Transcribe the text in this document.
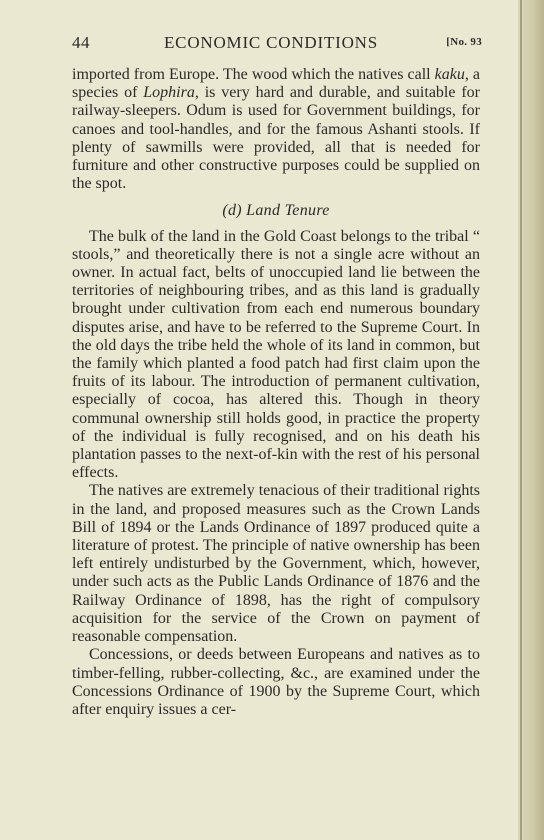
44	ECONOMIC CONDITIONS	[No. 93

imported from Europe. The wood which the natives call kaku, a species of Lophira, is very hard and durable, and suitable for railway-sleepers. Odum is used for Government buildings, for canoes and tool-handles, and for the famous Ashanti stools. If plenty of sawmills were provided, all that is needed for furniture and other constructive purposes could be supplied on the spot.

(d) Land Tenure

The bulk of the land in the Gold Coast belongs to the tribal “ stools,” and theoretically there is not a single acre without an owner. In actual fact, belts of unoccupied land lie between the territories of neighbouring tribes, and as this land is gradually brought under cultivation from each end numerous boundary disputes arise, and have to be referred to the Supreme Court. In the old days the tribe held the whole of its land in common, but the family which planted a food patch had first claim upon the fruits of its labour. The introduction of permanent cultivation, especially of cocoa, has altered this. Though in theory communal ownership still holds good, in practice the property of the individual is fully recognised, and on his death his plantation passes to the next-of-kin with the rest of his personal effects.

The natives are extremely tenacious of their traditional rights in the land, and proposed measures such as the Crown Lands Bill of 1894 or the Lands Ordinance of 1897 produced quite a literature of protest. The principle of native ownership has been left entirely undisturbed by the Government, which, however, under such acts as the Public Lands Ordinance of 1876 and the Railway Ordinance of 1898, has the right of compulsory acquisition for the service of the Crown on payment of reasonable compensation.

Concessions, or deeds between Europeans and natives as to timber-felling, rubber-collecting, &c., are examined under the Concessions Ordinance of 1900 by the Supreme Court, which after enquiry issues a cer-
